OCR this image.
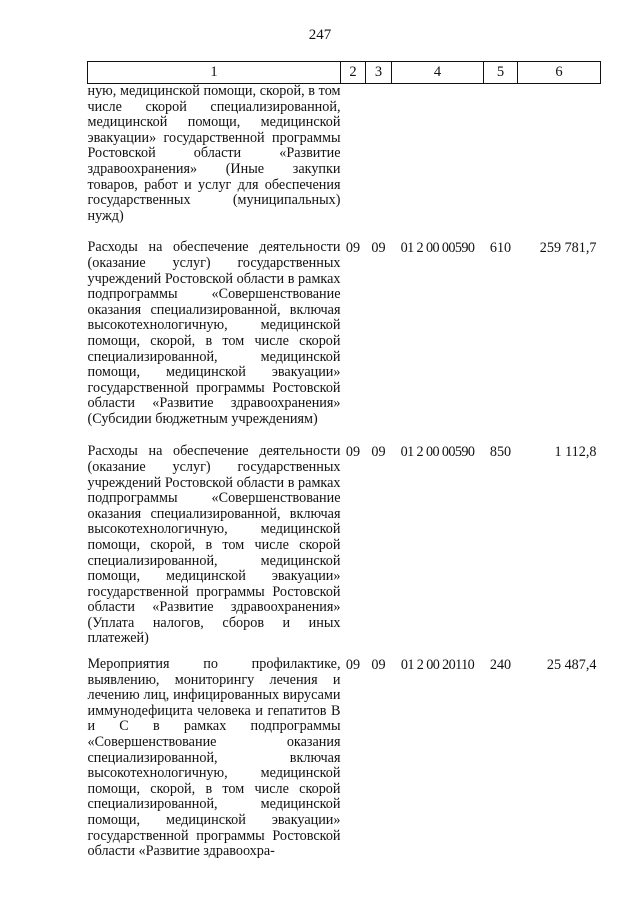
247
1	2	3	4	5	6
ную, медицинской помощи, скорой, в том числе скорой специализированной, медицинской помощи, медицинской эвакуации» государственной программы Ростовской области «Развитие здравоохранения» (Иные закупки товаров, работ и услуг для обеспечения государственных (муниципальных) нужд)					

Расходы на обеспечение деятельности (оказание услуг) государственных учреждений Ростовской области в рамках подпрограммы «Совершенствование оказания специализированной, включая высокотехнологичную, медицинской помощи, скорой, в том числе скорой специализированной, медицинской помощи, медицинской эвакуации» государственной программы Ростовской области «Развитие здравоохранения» (Субсидии бюджетным учреждениям)	09	09	01 2 00 00590	610	259 781,7

Расходы на обеспечение деятельности (оказание услуг) государственных учреждений Ростовской области в рамках подпрограммы «Совершенствование оказания специализированной, включая высокотехнологичную, медицинской помощи, скорой, в том числе скорой специализированной, медицинской помощи, медицинской эвакуации» государственной программы Ростовской области «Развитие здравоохранения» (Уплата налогов, сборов и иных платежей)	09	09	01 2 00 00590	850	1 112,8

Мероприятия по профилактике, выявлению, мониторингу лечения и лечению лиц, инфицированных вирусами иммунодефицита человека и гепатитов В и С в рамках подпрограммы «Совершенствование оказания специализированной, включая высокотехнологичную, медицинской помощи, скорой, в том числе скорой специализированной, медицинской помощи, медицинской эвакуации» государственной программы Ростовской области «Развитие здравоохра-	09	09	01 2 00 20110	240	25 487,4
